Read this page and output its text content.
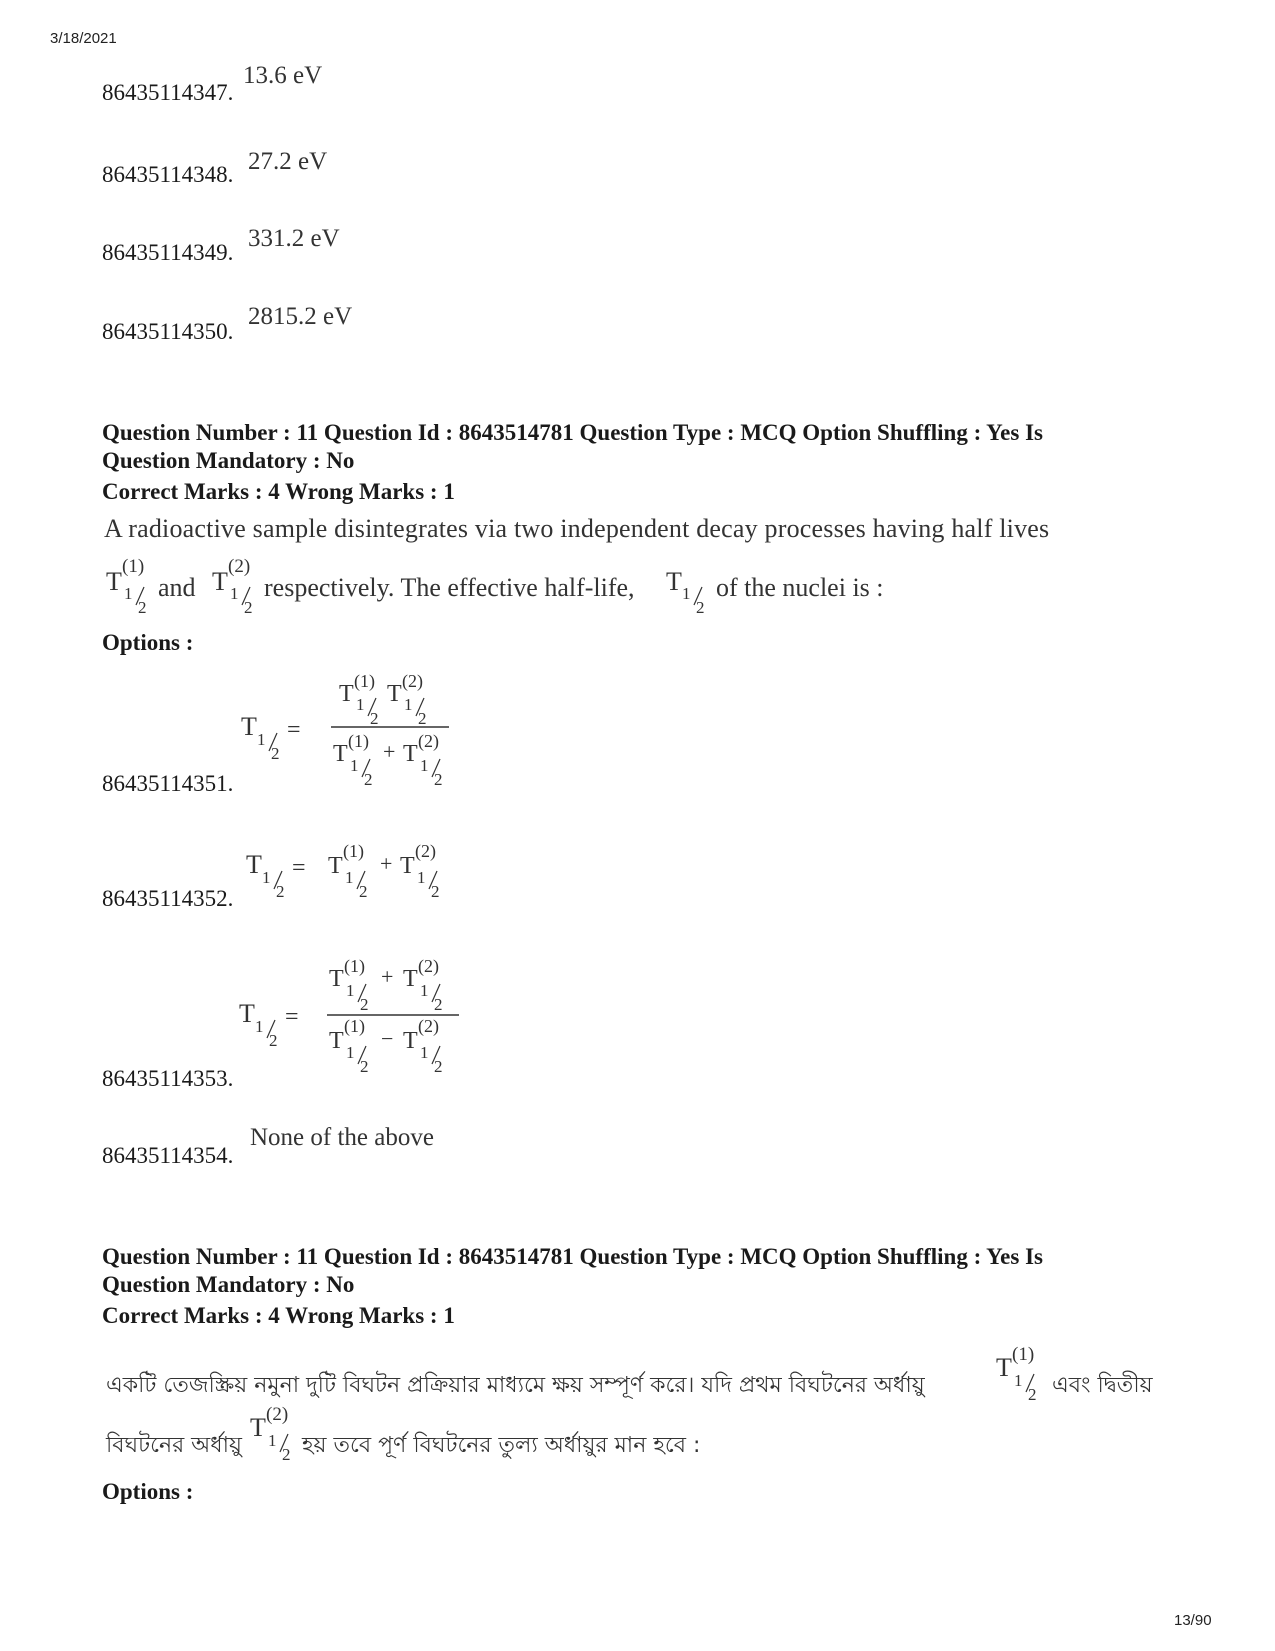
3/18/2021
86435114347.
13.6 eV
86435114348. 27.2 eV
86435114349.
331.2 eV
86435114350.
2815.2 eV
Question Number : 11 Question Id : 8643514781 Question Type : MCQ Option Shuffling : Yes Is
Question Mandatory : No
Correct Marks : 4 Wrong Marks : 1
A radioactive sample disintegrates via two independent decay processes having half lives
T
(1)
and T
(2)
respectively. The effective half-life, T of the nuclei is :
Options :
T =
T (1) T (2)
T (1) + T (2)
86435114351.
T = T
(1) + T
(2)
86435114352.
T =
T (1) + T (2)
T
(1) − T
(2)
86435114353.
None of the above
86435114354.
Question Number : 11 Question Id : 8643514781 Question Type : MCQ Option Shuffling : Yes Is
Question Mandatory : No
Correct Marks : 4 Wrong Marks : 1
একটি তেজস্ক্রিয় নমুনা দুটি বিঘটন প্রক্রিয়ার মাধ্যমে ক্ষয় সম্পূর্ণ করে। যদি প্রথম বিঘটনের অর্ধায়ু
T (1)
এবং দ্বিতীয়
বিঘটনের অর্ধায়ু
T (2)
হয় তবে পূর্ণ বিঘটনের তুল্য অর্ধায়ুর মান হবে :
Options :
13/90
